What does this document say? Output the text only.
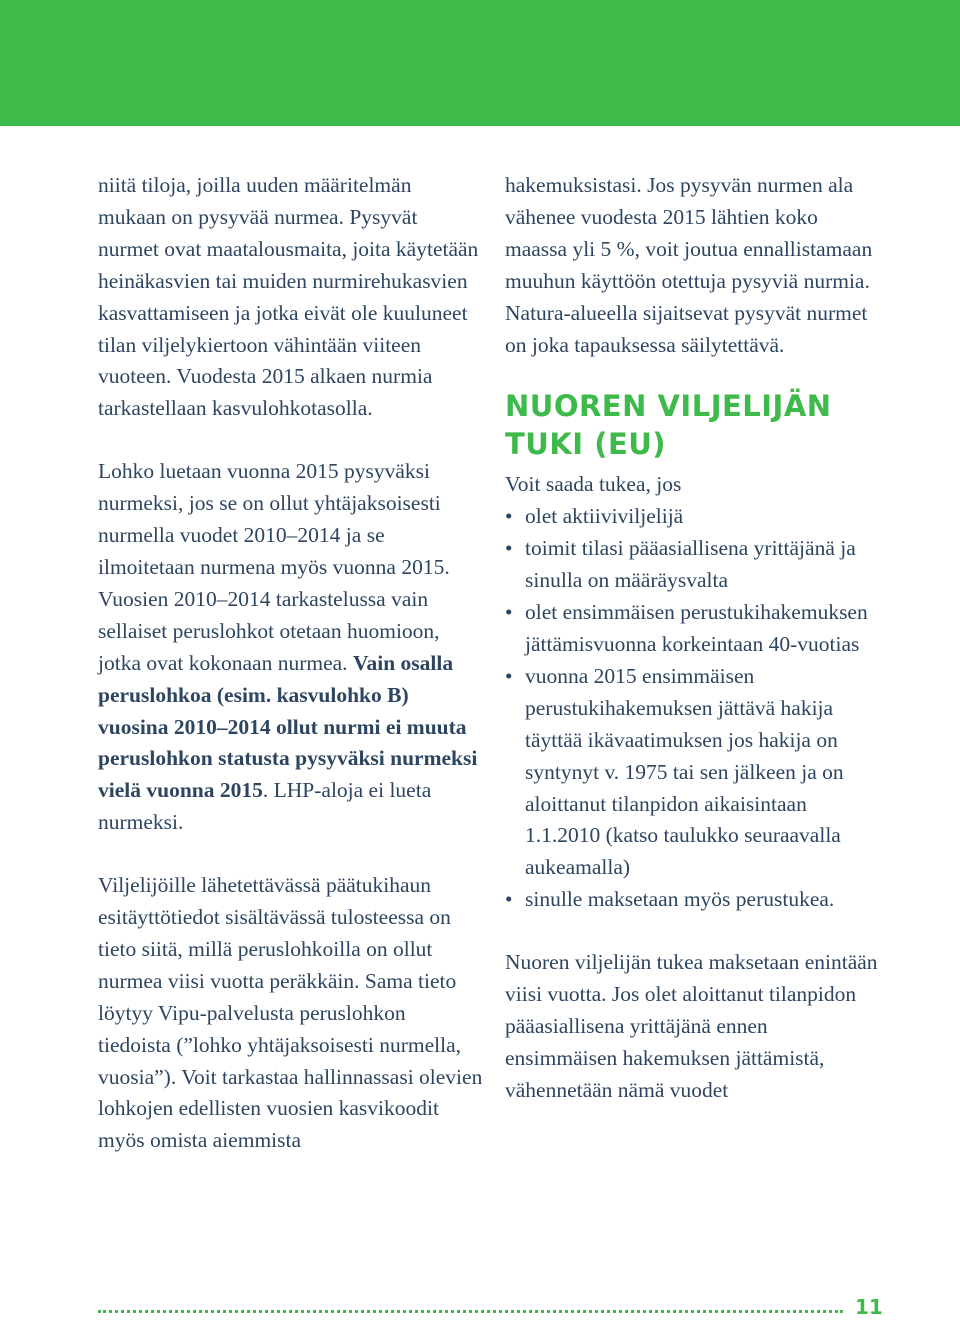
niitä tiloja, joilla uuden määritelmän mukaan on pysyvää nurmea. Pysyvät nurmet ovat maatalousmaita, joita käytetään heinäkasvien tai muiden nurmirehukasvien kasvattamiseen ja jotka eivät ole kuuluneet tilan viljelykiertoon vähintään viiteen vuoteen. Vuodesta 2015 alkaen nurmia tarkastellaan kasvulohkotasolla.

Lohko luetaan vuonna 2015 pysyväksi nurmeksi, jos se on ollut yhtäjaksoisesti nurmella vuodet 2010–2014 ja se ilmoitetaan nurmena myös vuonna 2015. Vuosien 2010–2014 tarkastelussa vain sellaiset peruslohkot otetaan huomioon, jotka ovat kokonaan nurmea. Vain osalla peruslohkoa (esim. kasvulohko B) vuosina 2010–2014 ollut nurmi ei muuta peruslohkon statusta pysyväksi nurmeksi vielä vuonna 2015. LHP-aloja ei lueta nurmeksi.

Viljelijöille lähetettävässä päätukihaun esitäyttötiedot sisältävässä tulosteessa on tieto siitä, millä peruslohkoilla on ollut nurmea viisi vuotta peräkkäin. Sama tieto löytyy Vipu-palvelusta peruslohkon tiedoista (”lohko yhtäjaksoisesti nurmella, vuosia”). Voit tarkastaa hallinnassasi olevien lohkojen edellisten vuosien kasvikoodit myös omista aiemmista

hakemuksistasi. Jos pysyvän nurmen ala vähenee vuodesta 2015 lähtien koko maassa yli 5 %, voit joutua ennallistamaan muuhun käyttöön otettuja pysyviä nurmia. Natura-alueella sijaitsevat pysyvät nurmet on joka tapauksessa säilytettävä.

NUOREN VILJELIJÄN TUKI (EU)

Voit saada tukea, jos

• olet aktiiviviljelijä
• toimit tilasi pääasiallisena yrittäjänä ja sinulla on määräysvalta
• olet ensimmäisen perustukihakemuksen jättämisvuonna korkeintaan 40-vuotias
• vuonna 2015 ensimmäisen perustukihakemuksen jättävä hakija täyttää ikävaatimuksen jos hakija on syntynyt v. 1975 tai sen jälkeen ja on aloittanut tilanpidon aikaisintaan 1.1.2010 (katso taulukko seuraavalla aukeamalla)
• sinulle maksetaan myös perustukea.

Nuoren viljelijän tukea maksetaan enintään viisi vuotta. Jos olet aloittanut tilanpidon pääasiallisena yrittäjänä ennen ensimmäisen hakemuksen jättämistä, vähennetään nämä vuodet

11
